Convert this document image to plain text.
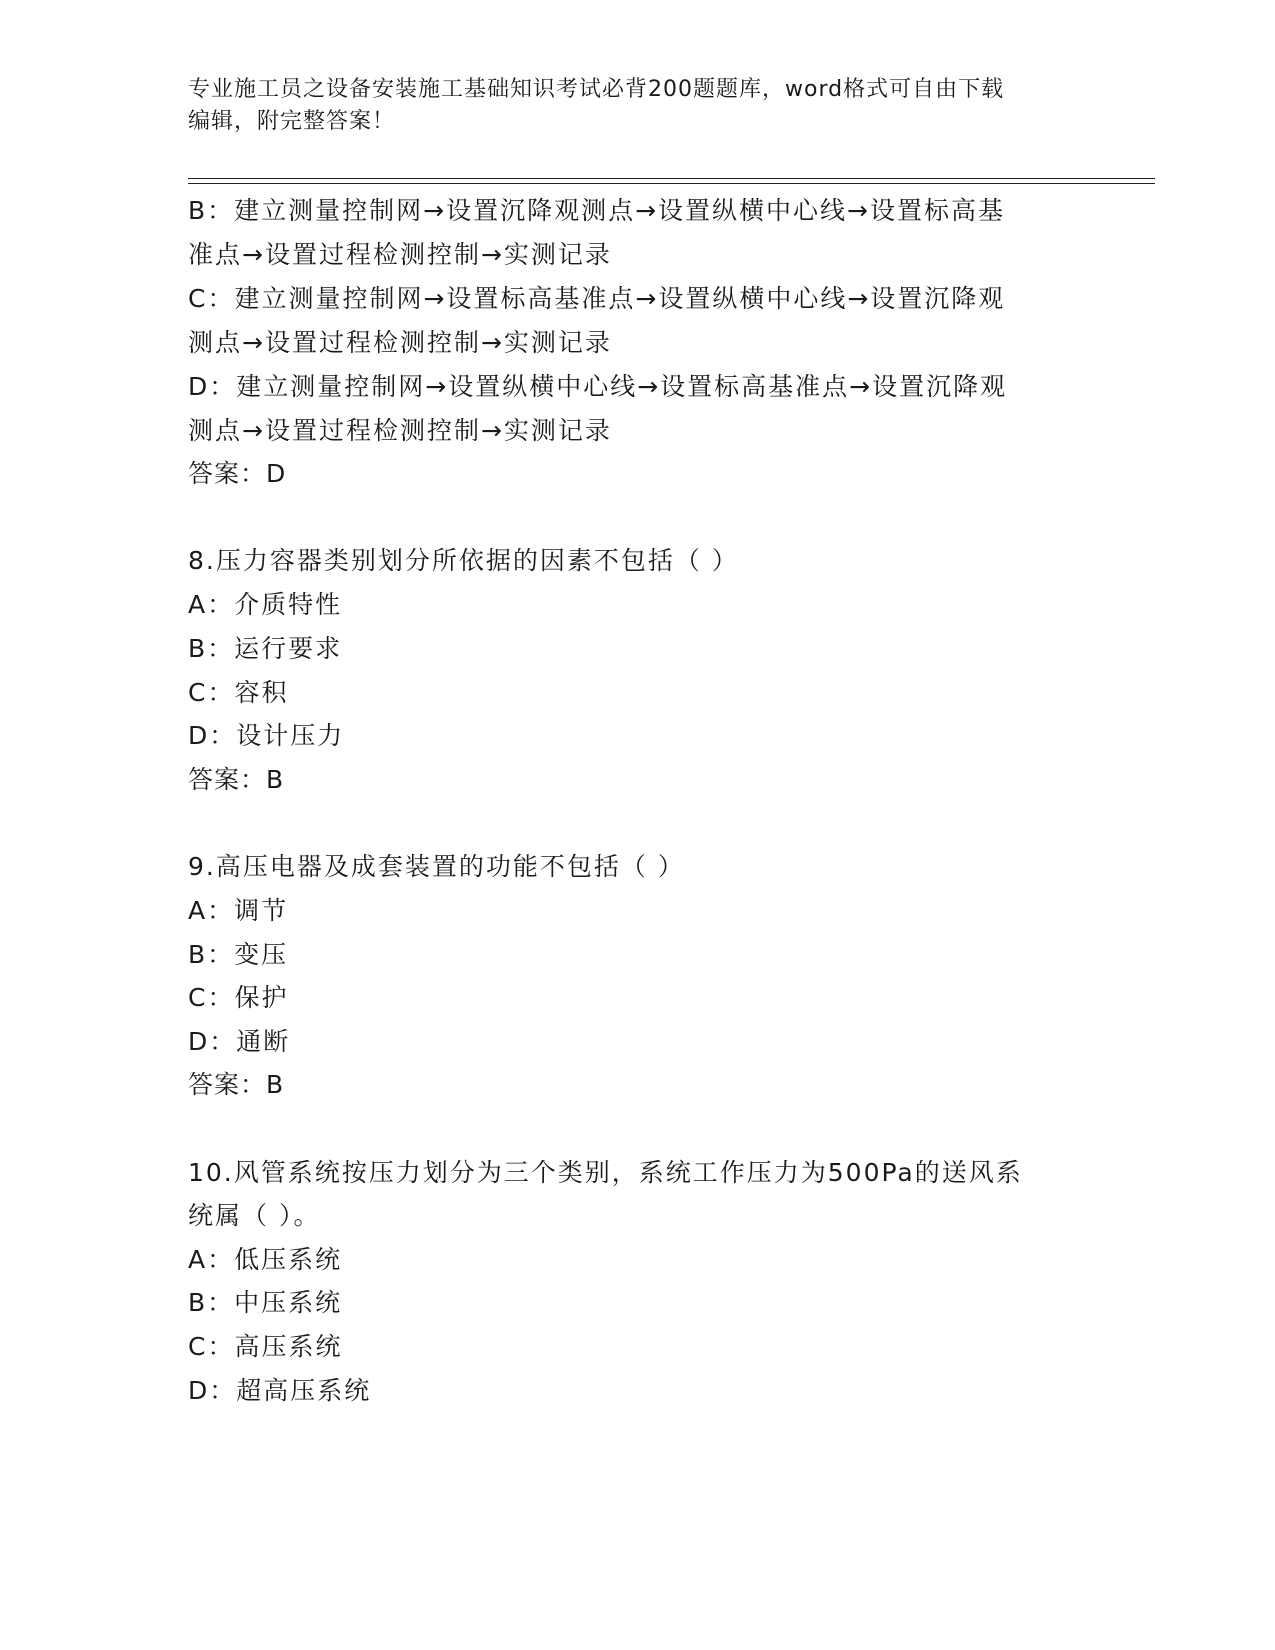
专业施工员之设备安装施工基础知识考试必背200题题库，word格式可自由下载
编辑，附完整答案！
B：建立测量控制网→设置沉降观测点→设置纵横中心线→设置标高基
准点→设置过程检测控制→实测记录
C：建立测量控制网→设置标高基准点→设置纵横中心线→设置沉降观
测点→设置过程检测控制→实测记录
D：建立测量控制网→设置纵横中心线→设置标高基准点→设置沉降观
测点→设置过程检测控制→实测记录
答案：D
8.压力容器类别划分所依据的因素不包括（ ）
A：介质特性
B：运行要求
C：容积
D：设计压力
答案：B
9.高压电器及成套装置的功能不包括（ ）
A：调节
B：变压
C：保护
D：通断
答案：B
10.风管系统按压力划分为三个类别，系统工作压力为500Pa的送风系
统属（ ）。
A：低压系统
B：中压系统
C：高压系统
D：超高压系统
